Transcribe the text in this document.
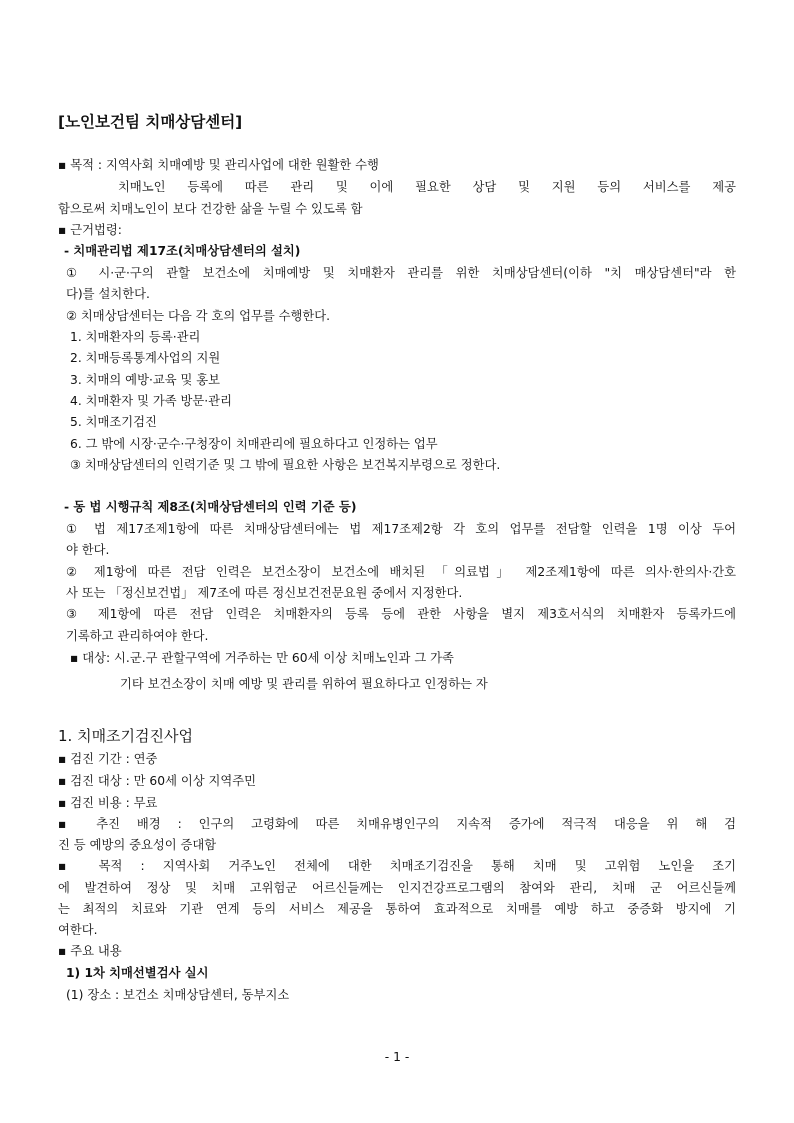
[노인보건팀 치매상담센터]
▪ 목적 : 지역사회 치매예방 및 관리사업에 대한 원활한 수행
치매노인 등록에 따른 관리 및 이에 필요한 상담 및 지원 등의 서비스를 제공
함으로써 치매노인이 보다 건강한 삶을 누릴 수 있도록 함
▪ 근거법령:
- 치매관리법 제17조(치매상담센터의 설치)
① 시·군·구의 관할 보건소에 치매예방 및 치매환자 관리를 위한 치매상담센터(이하 "치 매상담센터"라 한
다)를 설치한다.
② 치매상담센터는 다음 각 호의 업무를 수행한다.
1. 치매환자의 등록·관리
2. 치매등록통계사업의 지원
3. 치매의 예방·교육 및 홍보
4. 치매환자 및 가족 방문·관리
5. 치매조기검진
6. 그 밖에 시장·군수·구청장이 치매관리에 필요하다고 인정하는 업무
③ 치매상담센터의 인력기준 및 그 밖에 필요한 사항은 보건복지부령으로 정한다.
- 동 법 시행규칙 제8조(치매상담센터의 인력 기준 등)
① 법 제17조제1항에 따른 치매상담센터에는 법 제17조제2항 각 호의 업무를 전담할 인력을 1명 이상 두어
야 한다.
② 제1항에 따른 전담 인력은 보건소장이 보건소에 배치된 「의료법」 제2조제1항에 따른 의사·한의사·간호
사 또는 「정신보건법」 제7조에 따른 정신보건전문요원 중에서 지정한다.
③ 제1항에 따른 전담 인력은 치매환자의 등록 등에 관한 사항을 별지 제3호서식의 치매환자 등록카드에
기록하고 관리하여야 한다.
▪ 대상: 시.군.구 관할구역에 거주하는 만 60세 이상 치매노인과 그 가족
기타 보건소장이 치매 예방 및 관리를 위하여 필요하다고 인정하는 자
1. 치매조기검진사업
▪ 검진 기간 : 연중
▪ 검진 대상 : 만 60세 이상 지역주민
▪ 검진 비용 : 무료
▪ 추진 배경 : 인구의 고령화에 따른 치매유병인구의 지속적 증가에 적극적 대응을 위 해 검
진 등 예방의 중요성이 증대함
▪ 목적 : 지역사회 거주노인 전체에 대한 치매조기검진을 통해 치매 및 고위험 노인을 조기
에 발견하여 정상 및 치매 고위험군 어르신들께는 인지건강프로그램의 참여와 관리, 치매 군 어르신들께
는 최적의 치료와 기관 연계 등의 서비스 제공을 통하여 효과적으로 치매를 예방 하고 중증화 방지에 기
여한다.
▪ 주요 내용
1) 1차 치매선별검사 실시
(1) 장소 : 보건소 치매상담센터, 동부지소
- 1 -
